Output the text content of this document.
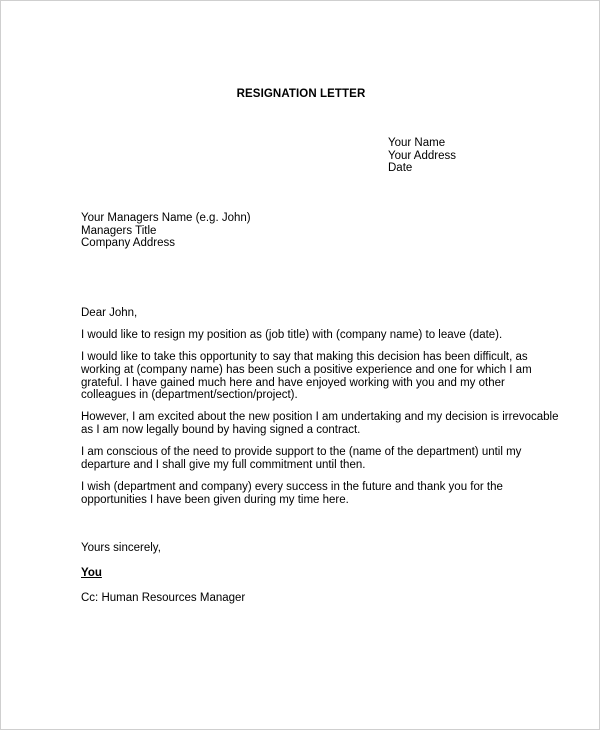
RESIGNATION LETTER
Your Name
Your Address
Date
Your Managers Name (e.g. John)
Managers Title
Company Address

Dear John,

I would like to resign my position as (job title) with (company name) to leave (date).

I would like to take this opportunity to say that making this decision has been difficult, as
working at (company name) has been such a positive experience and one for which I am
grateful. I have gained much here and have enjoyed working with you and my other
colleagues in (department/section/project).

However, I am excited about the new position I am undertaking and my decision is irrevocable
as I am now legally bound by having signed a contract.

I am conscious of the need to provide support to the (name of the department) until my
departure and I shall give my full commitment until then.

I wish (department and company) every success in the future and thank you for the
opportunities I have been given during my time here.

Yours sincerely,
You
Cc: Human Resources Manager
